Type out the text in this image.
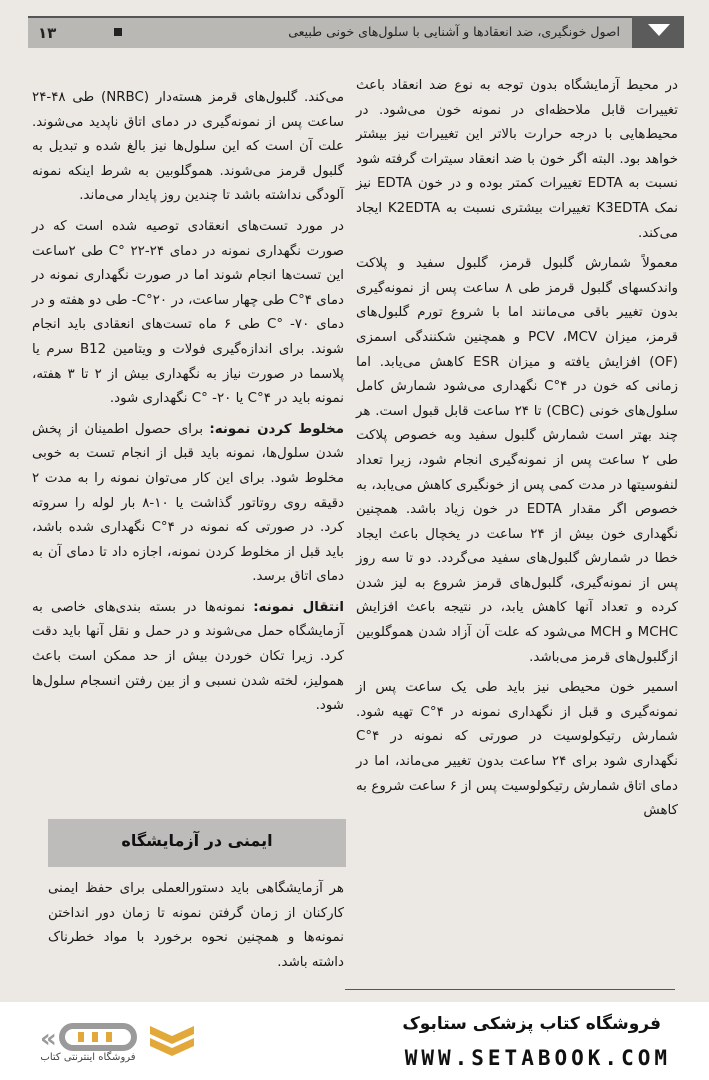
۱۳	اصول خونگیری، ضد انعقادها و آشنایی با سلول‌های خونی طبیعی

در محیط آزمایشگاه بدون توجه به نوع ضد انعقاد باعث تغییرات قابل ملاحظه‌ای در نمونه خون می‌شود. در محیط‌هایی با درجه حرارت بالاتر این تغییرات نیز بیشتر خواهد بود. البته اگر خون با ضد انعقاد سیترات گرفته شود نسبت به EDTA تغییرات کمتر بوده و در خون EDTA نیز نمک K3EDTA تغییرات بیشتری نسبت به K2EDTA ایجاد می‌کند.

معمولاً شمارش گلبول قرمز، گلبول سفید و پلاکت واندکسهای گلبول قرمز طی ۸ ساعت پس از نمونه‌گیری بدون تغییر باقی می‌مانند اما با شروع تورم گلبول‌های قرمز، میزان PCV ،MCV و همچنین شکنندگی اسمزی (OF) افزایش یافته و میزان ESR کاهش می‌یابد. اما زمانی که خون در ۴°C نگهداری می‌شود شمارش کامل سلول‌های خونی (CBC) تا ۲۴ ساعت قابل قبول است. هر چند بهتر است شمارش گلبول سفید وبه خصوص پلاکت طی ۲ ساعت پس از نمونه‌گیری انجام شود، زیرا تعداد لنفوسیتها در مدت کمی پس از خونگیری کاهش می‌یابد، به خصوص اگر مقدار EDTA در خون زیاد باشد. همچنین نگهداری خون بیش از ۲۴ ساعت در یخچال باعث ایجاد خطا در شمارش گلبول‌های سفید می‌گردد. دو تا سه روز پس از نمونه‌گیری، گلبول‌های قرمز شروع به لیز شدن کرده و تعداد آنها کاهش یابد، در نتیجه باعث افزایش MCHC و MCH می‌شود که علت آن آزاد شدن هموگلوبین ازگلبول‌های قرمز می‌باشد.

اسمیر خون محیطی نیز باید طی یک ساعت پس از نمونه‌گیری و قبل از نگهداری نمونه در ۴°C تهیه شود. شمارش رتیکولوسیت در صورتی که نمونه در ۴°C نگهداری شود برای ۲۴ ساعت بدون تغییر می‌ماند، اما در دمای اتاق شمارش رتیکولوسیت پس از ۶ ساعت شروع به کاهش

می‌کند. گلبول‌های قرمز هسته‌دار (NRBC) طی ۴۸-۲۴ ساعت پس از نمونه‌گیری در دمای اتاق ناپدید می‌شوند. علت آن است که این سلول‌ها نیز بالغ شده و تبدیل به گلبول قرمز می‌شوند. هموگلوبین به شرط اینکه نمونه آلودگی نداشته باشد تا چندین روز پایدار می‌ماند.

در مورد تست‌های انعقادی توصیه شده است که در صورت نگهداری نمونه در دمای ۲۴-۲۲ °C طی ۲ساعت این تست‌ها انجام شوند اما در صورت نگهداری نمونه در دمای ۴°C طی چهار ساعت، در ۲۰°C- طی دو هفته و در دمای ۷۰- °C طی ۶ ماه تست‌های انعقادی باید انجام شوند. برای اندازه‌گیری فولات و ویتامین B12 سرم یا پلاسما در صورت نیاز به نگهداری بیش از ۲ تا ۳ هفته، نمونه باید در ۴°C یا ۲۰- °C نگهداری شود.

مخلوط کردن نمونه: برای حصول اطمینان از پخش شدن سلول‌ها، نمونه باید قبل از انجام تست به خوبی مخلوط شود. برای این کار می‌توان نمونه را به مدت ۲ دقیقه روی روتاتور گذاشت یا ۱۰-۸ بار لوله را سروته کرد. در صورتی که نمونه در ۴°C نگهداری شده باشد، باید قبل از مخلوط کردن نمونه، اجازه داد تا دمای آن به دمای اتاق برسد.

انتقال نمونه: نمونه‌ها در بسته بندی‌های خاصی به آزمایشگاه حمل می‌شوند و در حمل و نقل آنها باید دقت کرد. زیرا تکان خوردن بیش از حد ممکن است باعث همولیز، لخته شدن نسبی و از بین رفتن انسجام سلول‌ها شود.

ایمنی در آزمایشگاه

هر آزمایشگاهی باید دستورالعملی برای حفظ ایمنی کارکنان از زمان گرفتن نمونه تا زمان دور انداختن نمونه‌ها و همچنین نحوه برخورد با مواد خطرناک داشته باشد.

«
فروشگاه اینترنتی کتاب
فروشگاه کتاب پزشکی ستابوک
WWW.SETABOOK.COM
